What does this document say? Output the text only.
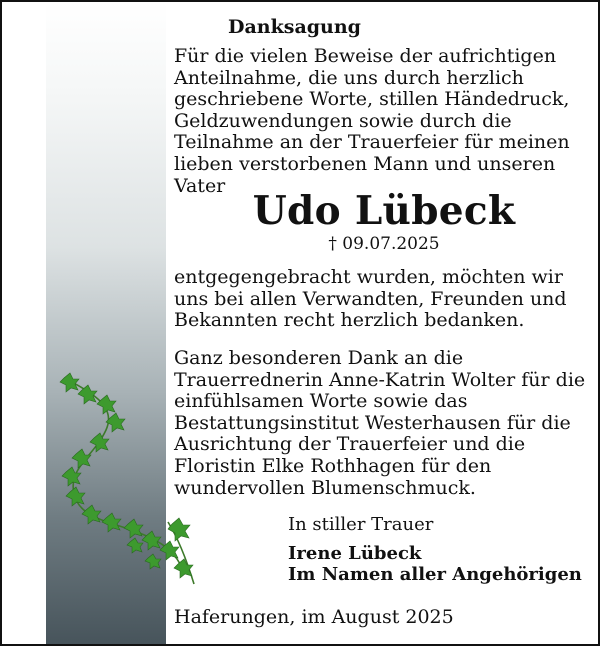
Danksagung

Für die vielen Beweise der aufrichtigen Anteilnahme, die uns durch herzlich geschriebene Worte, stillen Händedruck, Geldzuwendungen sowie durch die Teilnahme an der Trauerfeier für meinen lieben verstorbenen Mann und unseren Vater

Udo Lübeck

† 09.07.2025

entgegengebracht wurden, möchten wir uns bei allen Verwandten, Freunden und Bekannten recht herzlich bedanken.

Ganz besonderen Dank an die Trauerrednerin Anne-Katrin Wolter für die einfühlsamen Worte sowie das Bestattungsinstitut Westerhausen für die Ausrichtung der Trauerfeier und die Floristin Elke Rothhagen für den wundervollen Blumenschmuck.

In stiller Trauer

Irene Lübeck

Im Namen aller Angehörigen

Haferungen, im August 2025
